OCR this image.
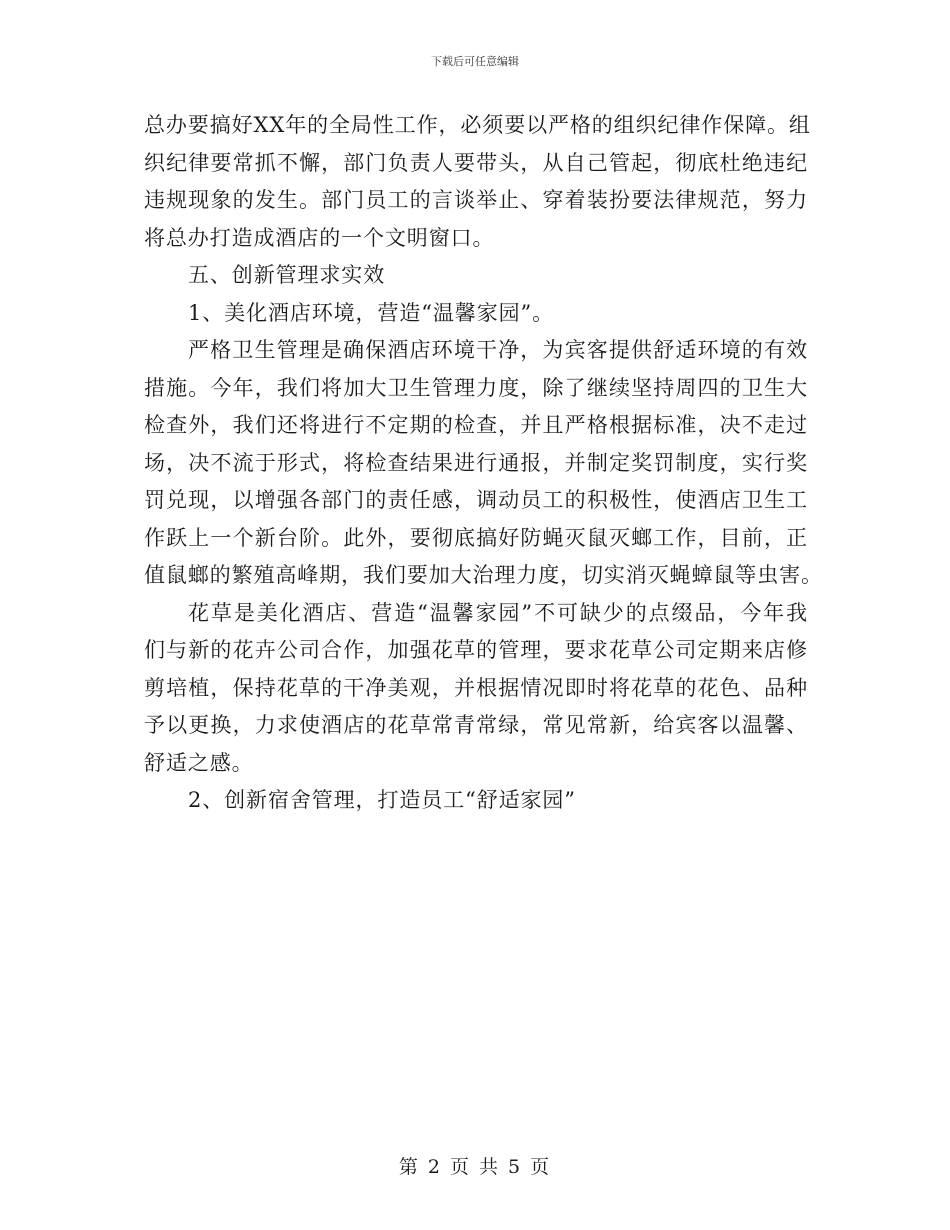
下载后可任意编辑
总办要搞好XX年的全局性工作，必须要以严格的组织纪律作保障。组
织纪律要常抓不懈，部门负责人要带头，从自己管起，彻底杜绝违纪
违规现象的发生。部门员工的言谈举止、穿着装扮要法律规范，努力
将总办打造成酒店的一个文明窗口。
五、创新管理求实效
1、美化酒店环境，营造“温馨家园”。
严格卫生管理是确保酒店环境干净，为宾客提供舒适环境的有效
措施。今年，我们将加大卫生管理力度，除了继续坚持周四的卫生大
检查外，我们还将进行不定期的检查，并且严格根据标准，决不走过
场，决不流于形式，将检查结果进行通报，并制定奖罚制度，实行奖
罚兑现，以增强各部门的责任感，调动员工的积极性，使酒店卫生工
作跃上一个新台阶。此外，要彻底搞好防蝇灭鼠灭螂工作，目前，正
值鼠螂的繁殖高峰期，我们要加大治理力度，切实消灭蝇蟑鼠等虫害。
花草是美化酒店、营造“温馨家园”不可缺少的点缀品，今年我
们与新的花卉公司合作，加强花草的管理，要求花草公司定期来店修
剪培植，保持花草的干净美观，并根据情况即时将花草的花色、品种
予以更换，力求使酒店的花草常青常绿，常见常新，给宾客以温馨、
舒适之感。
2、创新宿舍管理，打造员工“舒适家园”
第 2 页 共 5 页
